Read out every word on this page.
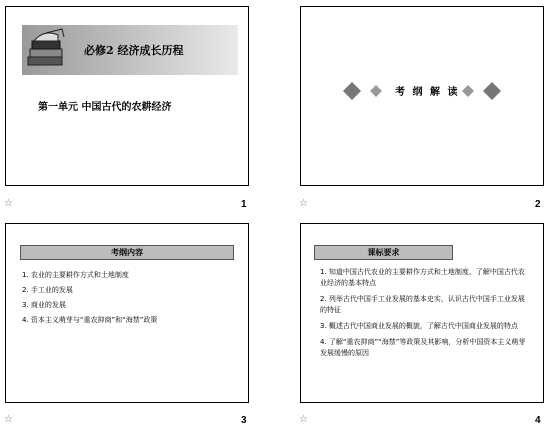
必修2 经济成长历程
第一单元 中国古代的农耕经济
☆	1
考 纲 解 读
☆	2
考纲内容
1. 农业的主要耕作方式和土地制度
2. 手工业的发展
3. 商业的发展
4. 资本主义萌芽与“重农抑商”和“海禁”政策
☆	3
课标要求
1. 知道中国古代农业的主要耕作方式和土地制度，了解中国古代农业经济的基本特点
2. 列举古代中国手工业发展的基本史实，认识古代中国手工业发展的特征
3. 概述古代中国商业发展的概貌，了解古代中国商业发展的特点
4. 了解“重农抑商”“海禁”等政策及其影响，分析中国资本主义萌芽发展缓慢的原因
☆	4
